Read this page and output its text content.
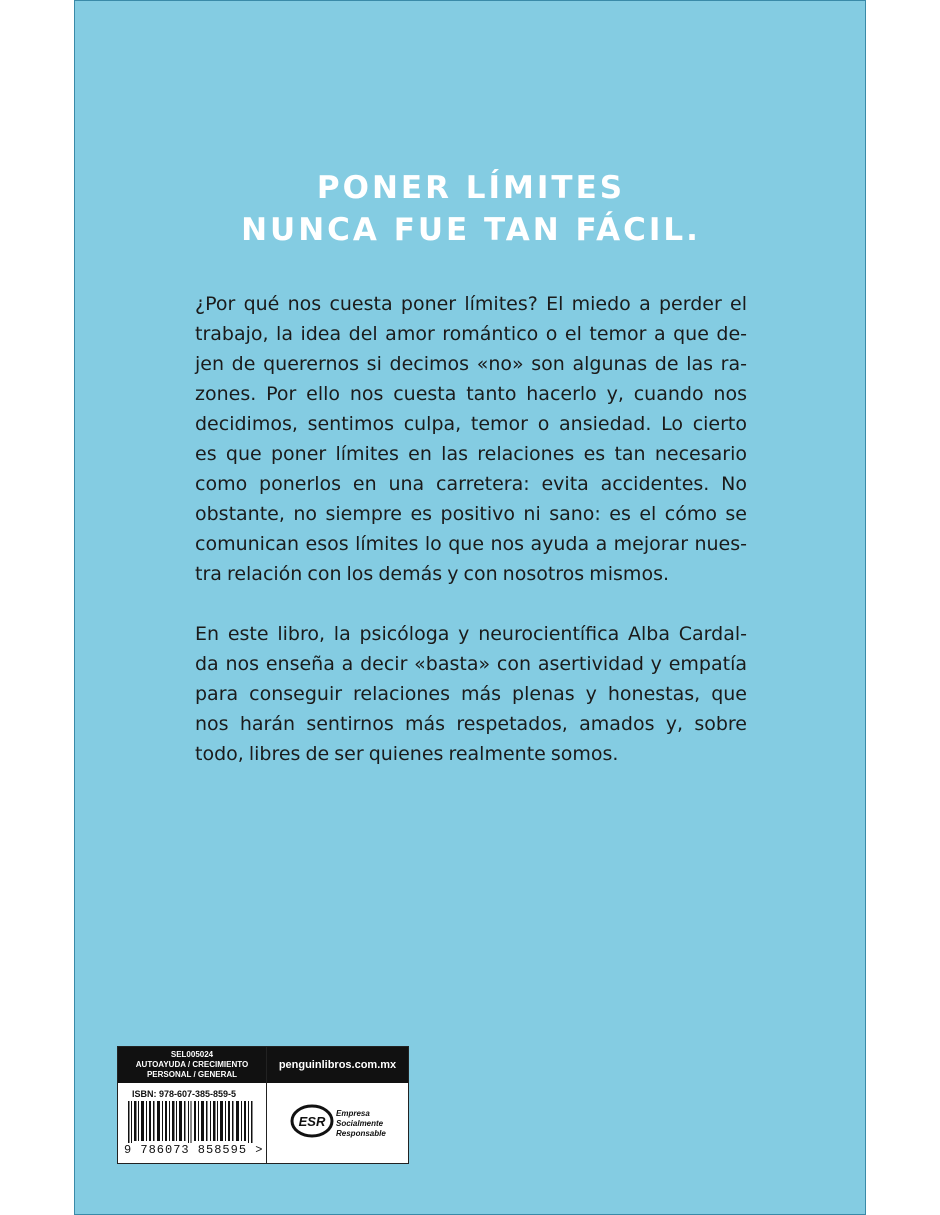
PONER LÍMITES
NUNCA FUE TAN FÁCIL.

¿Por qué nos cuesta poner límites? El miedo a perder el
trabajo, la idea del amor romántico o el temor a que de-
jen de querernos si decimos «no» son algunas de las ra-
zones. Por ello nos cuesta tanto hacerlo y, cuando nos
decidimos, sentimos culpa, temor o ansiedad. Lo cierto
es que poner límites en las relaciones es tan necesario
como ponerlos en una carretera: evita accidentes. No
obstante, no siempre es positivo ni sano: es el cómo se
comunican esos límites lo que nos ayuda a mejorar nues-
tra relación con los demás y con nosotros mismos.

En este libro, la psicóloga y neurocientífica Alba Cardal-
da nos enseña a decir «basta» con asertividad y empatía
para conseguir relaciones más plenas y honestas, que
nos harán sentirnos más respetados, amados y, sobre
todo, libres de ser quienes realmente somos.

SEL005024
AUTOAYUDA / CRECIMIENTO
PERSONAL / GENERAL
penguinlibros.com.mx
ISBN: 978-607-385-859-5
9 786073 858595 >
ESR
Empresa
Socialmente
Responsable
